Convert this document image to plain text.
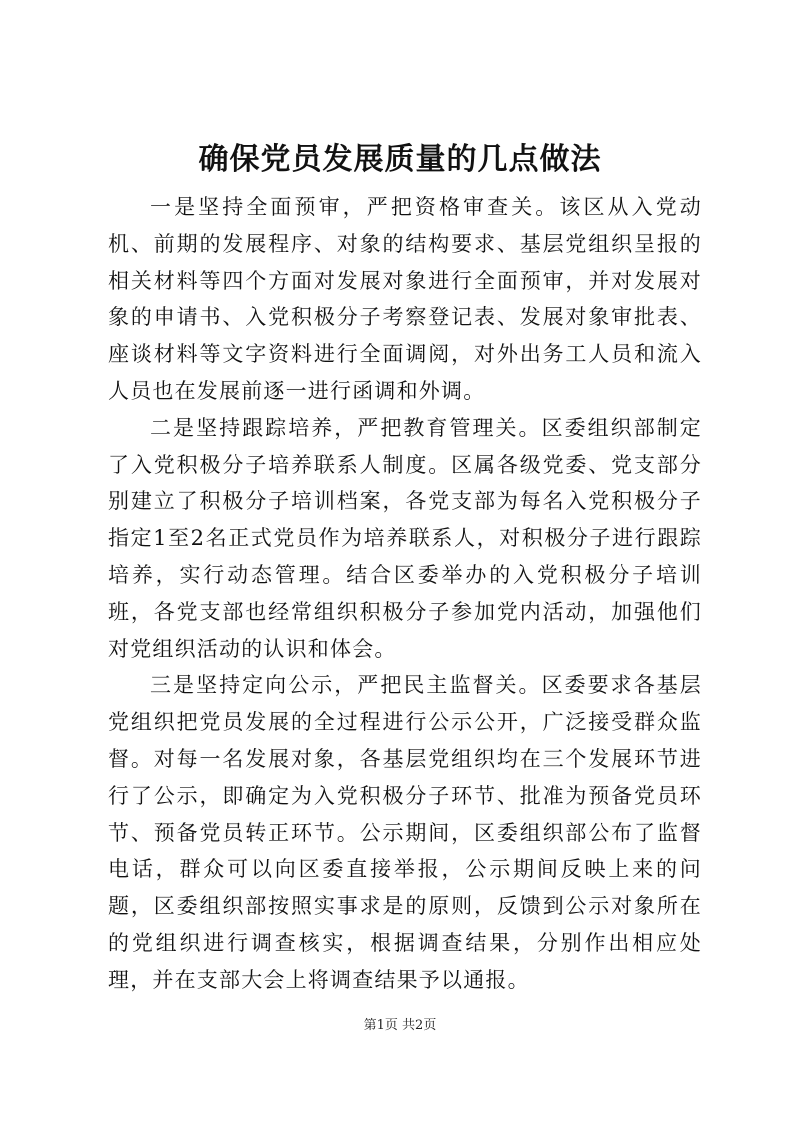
确保党员发展质量的几点做法

一是坚持全面预审，严把资格审查关。该区从入党动机、前期的发展程序、对象的结构要求、基层党组织呈报的相关材料等四个方面对发展对象进行全面预审，并对发展对象的申请书、入党积极分子考察登记表、发展对象审批表、座谈材料等文字资料进行全面调阅，对外出务工人员和流入人员也在发展前逐一进行函调和外调。

二是坚持跟踪培养，严把教育管理关。区委组织部制定了入党积极分子培养联系人制度。区属各级党委、党支部分别建立了积极分子培训档案，各党支部为每名入党积极分子指定1至2名正式党员作为培养联系人，对积极分子进行跟踪培养，实行动态管理。结合区委举办的入党积极分子培训班，各党支部也经常组织积极分子参加党内活动，加强他们对党组织活动的认识和体会。

三是坚持定向公示，严把民主监督关。区委要求各基层党组织把党员发展的全过程进行公示公开，广泛接受群众监督。对每一名发展对象，各基层党组织均在三个发展环节进行了公示，即确定为入党积极分子环节、批准为预备党员环节、预备党员转正环节。公示期间，区委组织部公布了监督电话，群众可以向区委直接举报，公示期间反映上来的问题，区委组织部按照实事求是的原则，反馈到公示对象所在的党组织进行调查核实，根据调查结果，分别作出相应处理，并在支部大会上将调查结果予以通报。

第1页 共2页
